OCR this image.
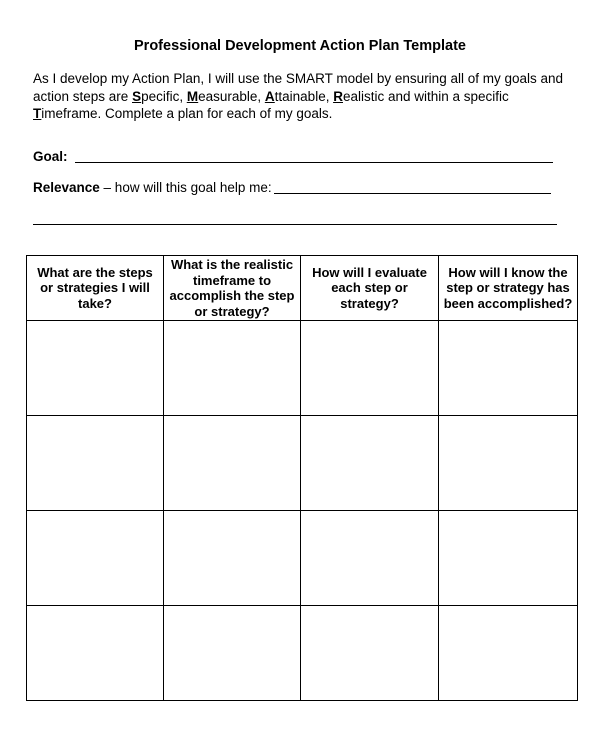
Professional Development Action Plan Template
As I develop my Action Plan, I will use the SMART model by ensuring all of my goals and action steps are Specific, Measurable, Attainable, Realistic and within a specific Timeframe. Complete a plan for each of my goals.
Goal:
Relevance – how will this goal help me:
What are the steps or strategies I will take?	What is the realistic timeframe to accomplish the step or strategy?	How will I evaluate each step or strategy?	How will I know the step or strategy has been accomplished?
